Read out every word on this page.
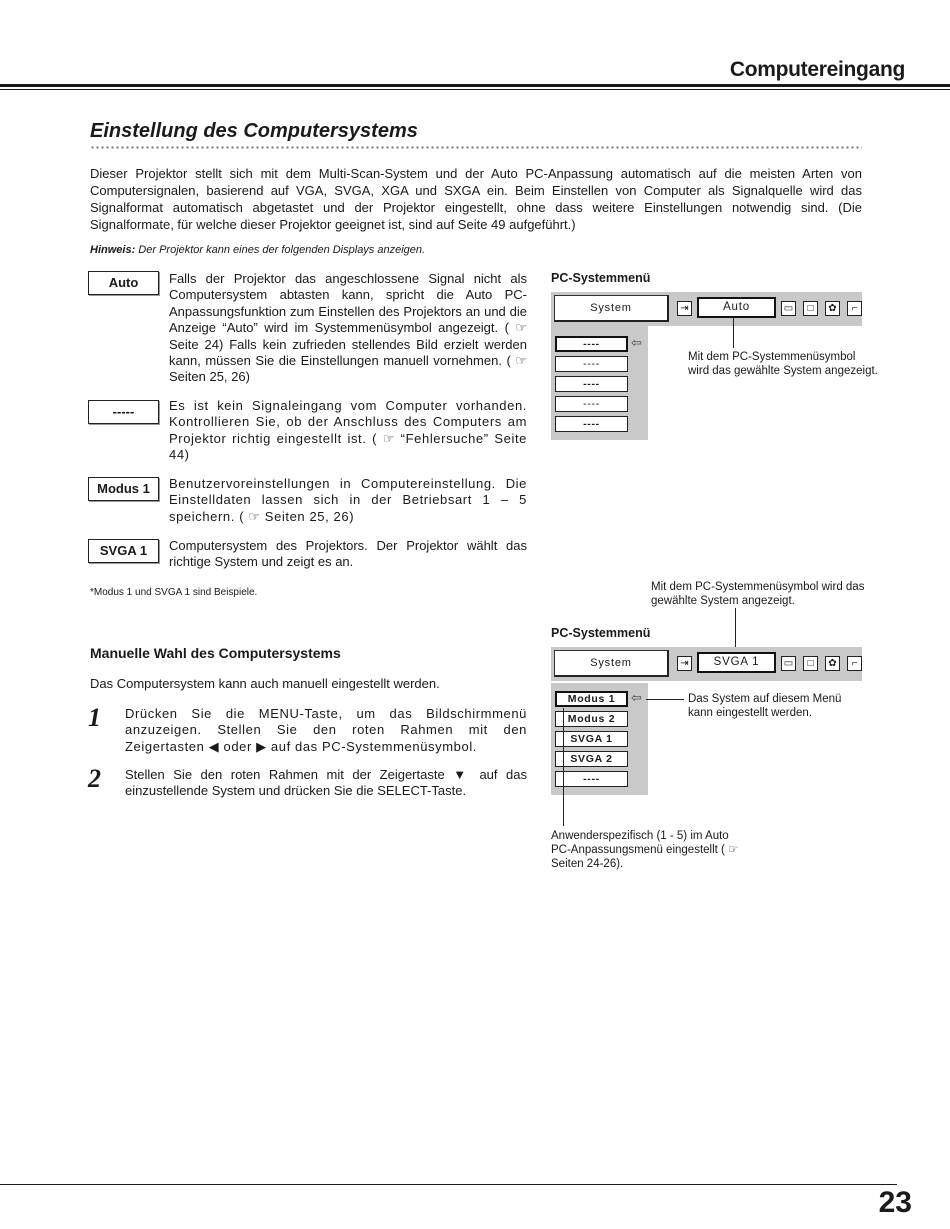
Computereingang
Einstellung des Computersystems
Dieser Projektor stellt sich mit dem Multi-Scan-System und der Auto PC-Anpassung automatisch auf die meisten Arten von Computersignalen, basierend auf VGA, SVGA, XGA und SXGA ein. Beim Einstellen von Computer als Signalquelle wird das Signalformat automatisch abgetastet und der Projektor eingestellt, ohne dass weitere Einstellungen notwendig sind. (Die Signalformate, für welche dieser Projektor geeignet ist, sind auf Seite 49 aufgeführt.)
Hinweis: Der Projektor kann eines der folgenden Displays anzeigen.
Auto	Falls der Projektor das angeschlossene Signal nicht als Computersystem abtasten kann, spricht die Auto PC-Anpassungsfunktion zum Einstellen des Projektors an und die Anzeige “Auto” wird im Systemmenüsymbol angezeigt. ( ☞ Seite 24) Falls kein zufrieden stellendes Bild erzielt werden kann, müssen Sie die Einstellungen manuell vornehmen. ( ☞ Seiten 25, 26)
-----	Es ist kein Signaleingang vom Computer vorhanden. Kontrollieren Sie, ob der Anschluss des Computers am Projektor richtig eingestellt ist. ( ☞ “Fehlersuche” Seite 44)
Modus 1	Benutzervoreinstellungen in Computereinstellung. Die Einstelldaten lassen sich in der Betriebsart 1 – 5 speichern. ( ☞ Seiten 25, 26)
SVGA 1	Computersystem des Projektors. Der Projektor wählt das richtige System und zeigt es an.
*Modus 1 und SVGA 1 sind Beispiele.
Manuelle Wahl des Computersystems
Das Computersystem kann auch manuell eingestellt werden.
1 Drücken Sie die MENU-Taste, um das Bildschirmmenü anzuzeigen. Stellen Sie den roten Rahmen mit den Zeigertasten ◀ oder ▶ auf das PC-Systemmenüsymbol.
2 Stellen Sie den roten Rahmen mit der Zeigertaste ▼ auf das einzustellende System und drücken Sie die SELECT-Taste.
PC-Systemmenü
System	⇥	Auto	▭	□	✿	⌐
----
----
----
----
----
⇦
Mit dem PC-Systemmenüsymbol wird das gewählte System angezeigt.
Mit dem PC-Systemmenüsymbol wird das gewählte System angezeigt.
PC-Systemmenü
System	⇥	SVGA 1	▭	□	✿	⌐
Modus 1
Modus 2
SVGA 1
SVGA 2
----
⇦	Das System auf diesem Menü kann eingestellt werden.
Anwenderspezifisch (1 - 5) im Auto PC-Anpassungsmenü eingestellt ( ☞ Seiten 24-26).
23
